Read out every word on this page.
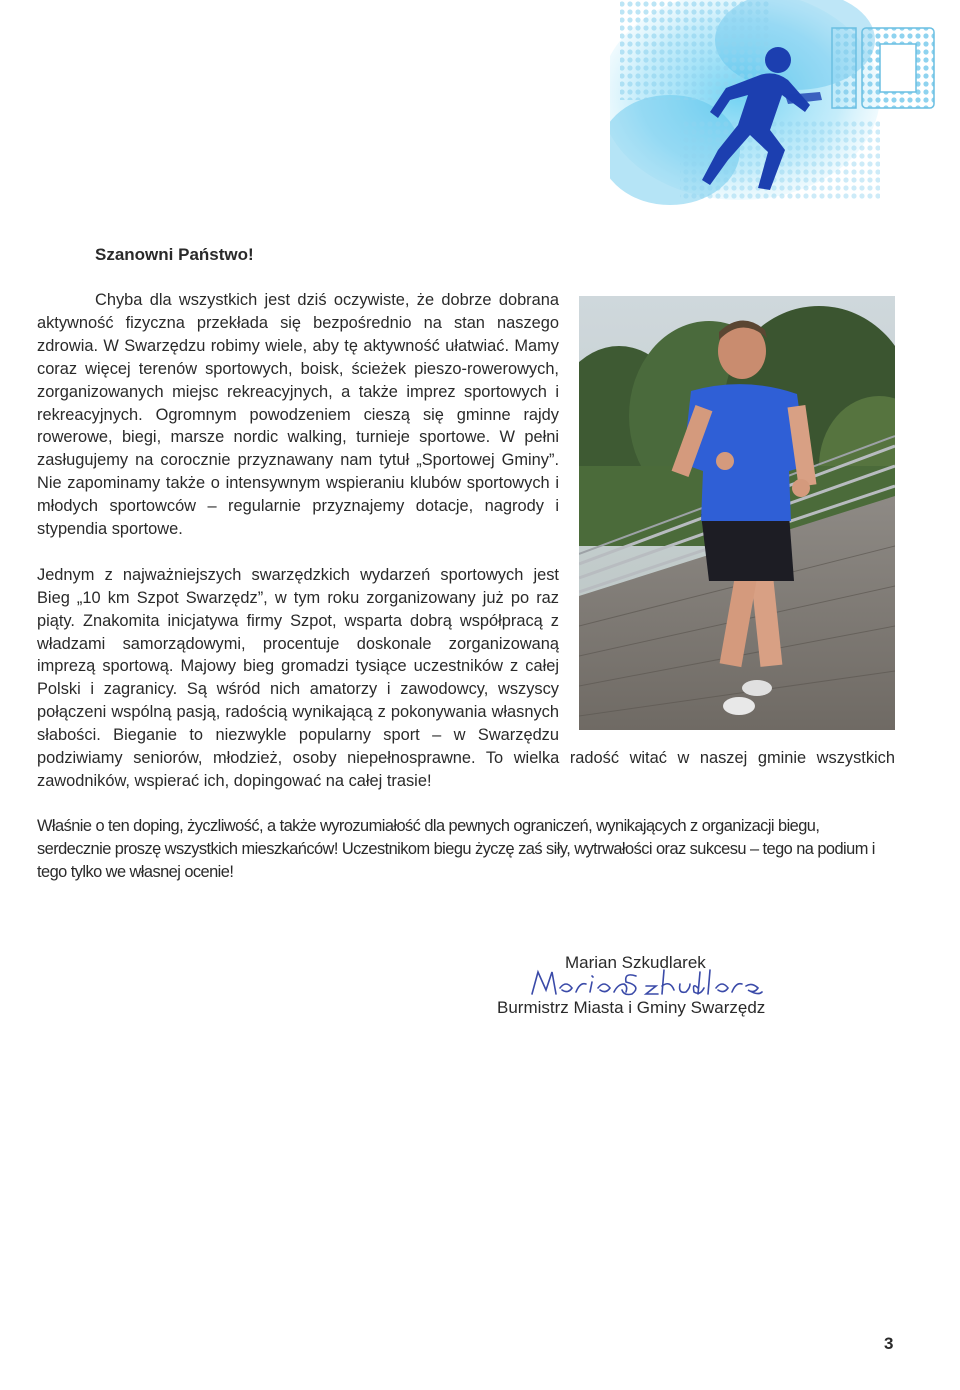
10

Szanowni Państwo!

Chyba dla wszystkich jest dziś oczywiste, że dobrze dobrana aktywność fizyczna przekłada się bezpośrednio na stan naszego zdrowia. W Swarzędzu robimy wiele, aby tę aktywność ułatwiać. Mamy coraz więcej terenów sportowych, boisk, ścieżek pieszo-rowerowych, zorganizowanych miejsc rekreacyjnych, a także imprez sportowych i rekreacyjnych. Ogromnym powodzeniem cieszą się gminne rajdy rowerowe, biegi, marsze nordic walking, turnieje sportowe. W pełni zasługujemy na corocznie przyznawany nam tytuł „Sportowej Gminy”. Nie zapominamy także o intensywnym wspieraniu klubów sportowych i młodych sportowców – regularnie przyznajemy dotacje, nagrody i stypendia sportowe.

Jednym z najważniejszych swarzędzkich wydarzeń sportowych jest Bieg „10 km Szpot Swarzędz”, w tym roku zorganizowany już po raz piąty. Znakomita inicjatywa firmy Szpot, wsparta dobrą współpracą z władzami samorządowymi, procentuje doskonale zorganizowaną imprezą sportową. Majowy bieg gromadzi tysiące uczestników z całej Polski i zagranicy. Są wśród nich amatorzy i zawodowcy, wszyscy połączeni wspólną pasją, radością wynikającą z pokonywania własnych słabości. Bieganie to niezwykle popularny sport – w Swarzędzu podziwiamy seniorów, młodzież, osoby niepełnosprawne. To wielka radość witać w naszej gminie wszystkich zawodników, wspierać ich, dopingować na całej trasie!

Właśnie o ten doping, życzliwość, a także wyrozumiałość dla pewnych ograniczeń, wynikających z organizacji biegu, serdecznie proszę wszystkich mieszkańców! Uczestnikom biegu życzę zaś siły, wytrwałości oraz sukcesu – tego na podium i tego tylko we własnej ocenie!

Marian Szkudlarek

Burmistrz Miasta i Gminy Swarzędz

3
